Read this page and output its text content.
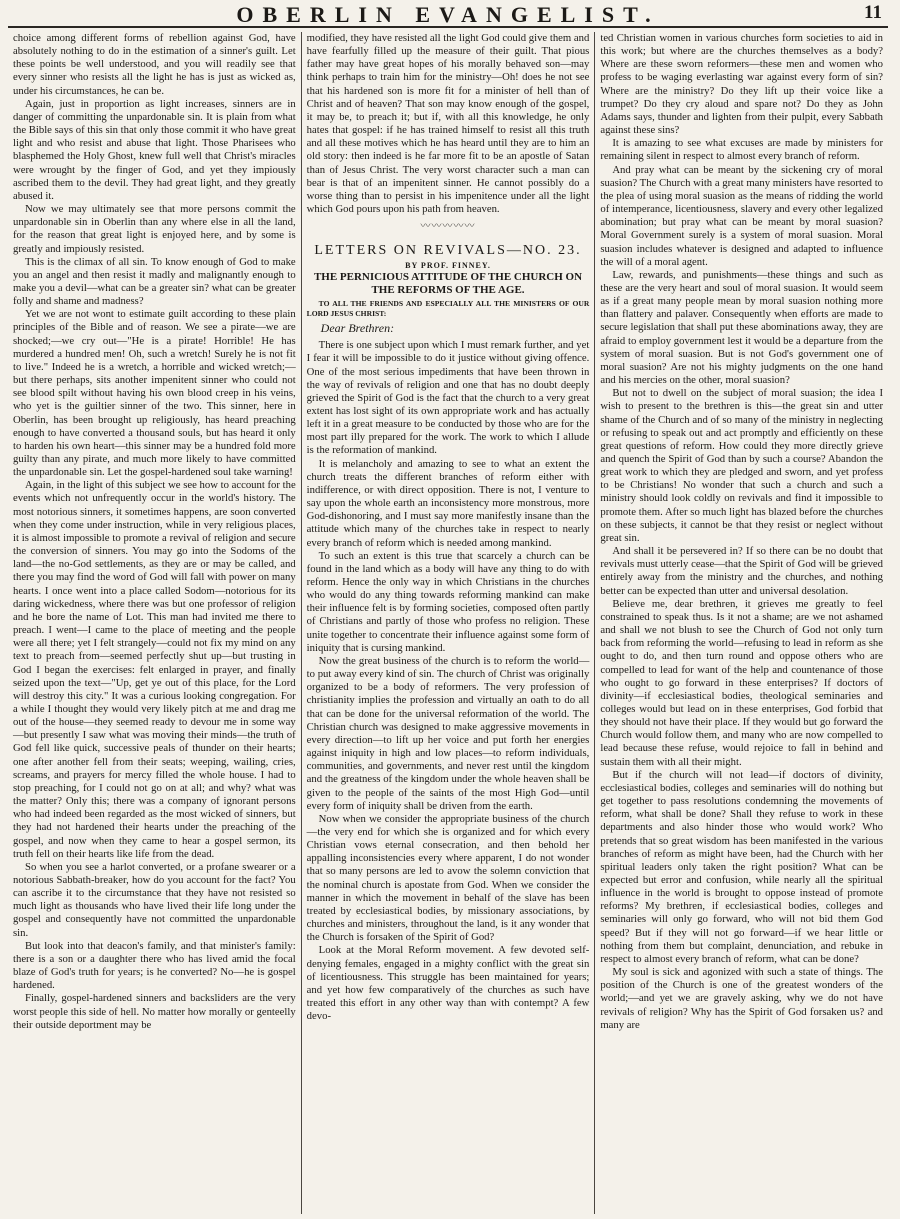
OBERLIN EVANGELIST.	11

choice among different forms of rebellion against God, have absolutely nothing to do in the estimation of a sinner's guilt. Let these points be well understood, and you will readily see that every sinner who resists all the light he has is just as wicked as, under his circumstances, he can be.

Again, just in proportion as light increases, sinners are in danger of committing the unpardonable sin. It is plain from what the Bible says of this sin that only those commit it who have great light and who resist and abuse that light. Those Pharisees who blasphemed the Holy Ghost, knew full well that Christ's miracles were wrought by the finger of God, and yet they impiously ascribed them to the devil. They had great light, and they greatly abused it.

Now we may ultimately see that more persons commit the unpardonable sin in Oberlin than any where else in all the land, for the reason that great light is enjoyed here, and by some is greatly and impiously resisted.

This is the climax of all sin. To know enough of God to make you an angel and then resist it madly and malignantly enough to make you a devil—what can be a greater sin? what can be greater folly and shame and madness?

Yet we are not wont to estimate guilt according to these plain principles of the Bible and of reason. We see a pirate—we are shocked;—we cry out—"He is a pirate! Horrible! He has murdered a hundred men! Oh, such a wretch! Surely he is not fit to live." Indeed he is a wretch, a horrible and wicked wretch;—but there perhaps, sits another impenitent sinner who could not see blood spilt without having his own blood creep in his veins, who yet is the guiltier sinner of the two. This sinner, here in Oberlin, has been brought up religiously, has heard preaching enough to have converted a thousand souls, but has heard it only to harden his own heart—this sinner may be a hundred fold more guilty than any pirate, and much more likely to have committed the unpardonable sin. Let the gospel-hardened soul take warning!

Again, in the light of this subject we see how to account for the events which not unfrequently occur in the world's history. The most notorious sinners, it sometimes happens, are soon converted when they come under instruction, while in very religious places, it is almost impossible to promote a revival of religion and secure the conversion of sinners. You may go into the Sodoms of the land—the no-God settlements, as they are or may be called, and there you may find the word of God will fall with power on many hearts. I once went into a place called Sodom—notorious for its daring wickedness, where there was but one professor of religion and he bore the name of Lot. This man had invited me there to preach. I went—I came to the place of meeting and the people were all there; yet I felt strangely—could not fix my mind on any text to preach from—seemed perfectly shut up—but trusting in God I began the exercises: felt enlarged in prayer, and finally seized upon the text—"Up, get ye out of this place, for the Lord will destroy this city." It was a curious looking congregation. For a while I thought they would very likely pitch at me and drag me out of the house—they seemed ready to devour me in some way—but presently I saw what was moving their minds—the truth of God fell like quick, successive peals of thunder on their hearts; one after another fell from their seats; weeping, wailing, cries, screams, and prayers for mercy filled the whole house. I had to stop preaching, for I could not go on at all; and why? what was the matter? Only this; there was a company of ignorant persons who had indeed been regarded as the most wicked of sinners, but they had not hardened their hearts under the preaching of the gospel, and now when they came to hear a gospel sermon, its truth fell on their hearts like life from the dead.

So when you see a harlot converted, or a profane swearer or a notorious Sabbath-breaker, how do you account for the fact? You can ascribe it to the circumstance that they have not resisted so much light as thousands who have lived their life long under the gospel and consequently have not committed the unpardonable sin.

But look into that deacon's family, and that minister's family: there is a son or a daughter there who has lived amid the focal blaze of God's truth for years; is he converted? No—he is gospel hardened.

Finally, gospel-hardened sinners and backsliders are the very worst people this side of hell. No matter how morally or genteelly their outside deportment may be

modified, they have resisted all the light God could give them and have fearfully filled up the measure of their guilt. That pious father may have great hopes of his morally behaved son—may think perhaps to train him for the ministry—Oh! does he not see that his hardened son is more fit for a minister of hell than of Christ and of heaven? That son may know enough of the gospel, it may be, to preach it; but if, with all this knowledge, he only hates that gospel: if he has trained himself to resist all this truth and all these motives which he has heard until they are to him an old story: then indeed is he far more fit to be an apostle of Satan than of Jesus Christ. The very worst character such a man can bear is that of an impenitent sinner. He cannot possibly do a worse thing than to persist in his impenitence under all the light which God pours upon his path from heaven.

〰〰〰〰〰
LETTERS ON REVIVALS—NO. 23.
BY PROF. FINNEY.
THE PERNICIOUS ATTITUDE OF THE CHURCH ON THE REFORMS OF THE AGE.

TO ALL THE FRIENDS AND ESPECIALLY ALL THE MINISTERS OF OUR LORD JESUS CHRIST:

Dear Brethren:

There is one subject upon which I must remark further, and yet I fear it will be impossible to do it justice without giving offence. One of the most serious impediments that have been thrown in the way of revivals of religion and one that has no doubt deeply grieved the Spirit of God is the fact that the church to a very great extent has lost sight of its own appropriate work and has actually left it in a great measure to be conducted by those who are for the most part illy prepared for the work. The work to which I allude is the reformation of mankind.

It is melancholy and amazing to see to what an extent the church treats the different branches of reform either with indifference, or with direct opposition. There is not, I venture to say upon the whole earth an inconsistency more monstrous, more God-dishonoring, and I must say more manifestly insane than the attitude which many of the churches take in respect to nearly every branch of reform which is needed among mankind.

To such an extent is this true that scarcely a church can be found in the land which as a body will have any thing to do with reform. Hence the only way in which Christians in the churches who would do any thing towards reforming mankind can make their influence felt is by forming societies, composed often partly of Christians and partly of those who profess no religion. These unite together to concentrate their influence against some form of iniquity that is cursing mankind.

Now the great business of the church is to reform the world—to put away every kind of sin. The church of Christ was originally organized to be a body of reformers. The very profession of christianity implies the profession and virtually an oath to do all that can be done for the universal reformation of the world. The Christian church was designed to make aggressive movements in every direction—to lift up her voice and put forth her energies against iniquity in high and low places—to reform individuals, communities, and governments, and never rest until the kingdom and the greatness of the kingdom under the whole heaven shall be given to the people of the saints of the most High God—until every form of iniquity shall be driven from the earth.

Now when we consider the appropriate business of the church—the very end for which she is organized and for which every Christian vows eternal consecration, and then behold her appalling inconsistencies every where apparent, I do not wonder that so many persons are led to avow the solemn conviction that the nominal church is apostate from God. When we consider the manner in which the movement in behalf of the slave has been treated by ecclesiastical bodies, by missionary associations, by churches and ministers, throughout the land, is it any wonder that the Church is forsaken of the Spirit of God?

Look at the Moral Reform movement. A few devoted self-denying females, engaged in a mighty conflict with the great sin of licentiousness. This struggle has been maintained for years; and yet how few comparatively of the churches as such have treated this effort in any other way than with contempt? A few devo-

ted Christian women in various churches form societies to aid in this work; but where are the churches themselves as a body? Where are these sworn reformers—these men and women who profess to be waging everlasting war against every form of sin? Where are the ministry? Do they lift up their voice like a trumpet? Do they cry aloud and spare not? Do they as John Adams says, thunder and lighten from their pulpit, every Sabbath against these sins?

It is amazing to see what excuses are made by ministers for remaining silent in respect to almost every branch of reform.

And pray what can be meant by the sickening cry of moral suasion? The Church with a great many ministers have resorted to the plea of using moral suasion as the means of ridding the world of intemperance, licentiousness, slavery and every other legalized abomination; but pray what can be meant by moral suasion? Moral Government surely is a system of moral suasion. Moral suasion includes whatever is designed and adapted to influence the will of a moral agent.

Law, rewards, and punishments—these things and such as these are the very heart and soul of moral suasion. It would seem as if a great many people mean by moral suasion nothing more than flattery and palaver. Consequently when efforts are made to secure legislation that shall put these abominations away, they are afraid to employ government lest it would be a departure from the system of moral suasion. But is not God's government one of moral suasion? Are not his mighty judgments on the one hand and his mercies on the other, moral suasion?

But not to dwell on the subject of moral suasion; the idea I wish to present to the brethren is this—the great sin and utter shame of the Church and of so many of the ministry in neglecting or refusing to speak out and act promptly and efficiently on these great questions of reform. How could they more directly grieve and quench the Spirit of God than by such a course? Abandon the great work to which they are pledged and sworn, and yet profess to be Christians! No wonder that such a church and such a ministry should look coldly on revivals and find it impossible to promote them. After so much light has blazed before the churches on these subjects, it cannot be that they resist or neglect without great sin.

And shall it be persevered in? If so there can be no doubt that revivals must utterly cease—that the Spirit of God will be grieved entirely away from the ministry and the churches, and nothing better can be expected than utter and universal desolation.

Believe me, dear brethren, it grieves me greatly to feel constrained to speak thus. Is it not a shame; are we not ashamed and shall we not blush to see the Church of God not only turn back from reforming the world—refusing to lead in reform as she ought to do, and then turn round and oppose others who are compelled to lead for want of the help and countenance of those who ought to go forward in these enterprises? If doctors of divinity—if ecclesiastical bodies, theological seminaries and colleges would but lead on in these enterprises, God forbid that they should not have their place. If they would but go forward the Church would follow them, and many who are now compelled to lead because these refuse, would rejoice to fall in behind and sustain them with all their might.

But if the church will not lead—if doctors of divinity, ecclesiastical bodies, colleges and seminaries will do nothing but get together to pass resolutions condemning the movements of reform, what shall be done? Shall they refuse to work in these departments and also hinder those who would work? Who pretends that so great wisdom has been manifested in the various branches of reform as might have been, had the Church with her spiritual leaders only taken the right position? What can be expected but error and confusion, while nearly all the spiritual influence in the world is brought to oppose instead of promote reforms? My brethren, if ecclesiastical bodies, colleges and seminaries will only go forward, who will not bid them God speed? But if they will not go forward—if we hear little or nothing from them but complaint, denunciation, and rebuke in respect to almost every branch of reform, what can be done?

My soul is sick and agonized with such a state of things. The position of the Church is one of the greatest wonders of the world;—and yet we are gravely asking, why we do not have revivals of religion? Why has the Spirit of God forsaken us? and many are
